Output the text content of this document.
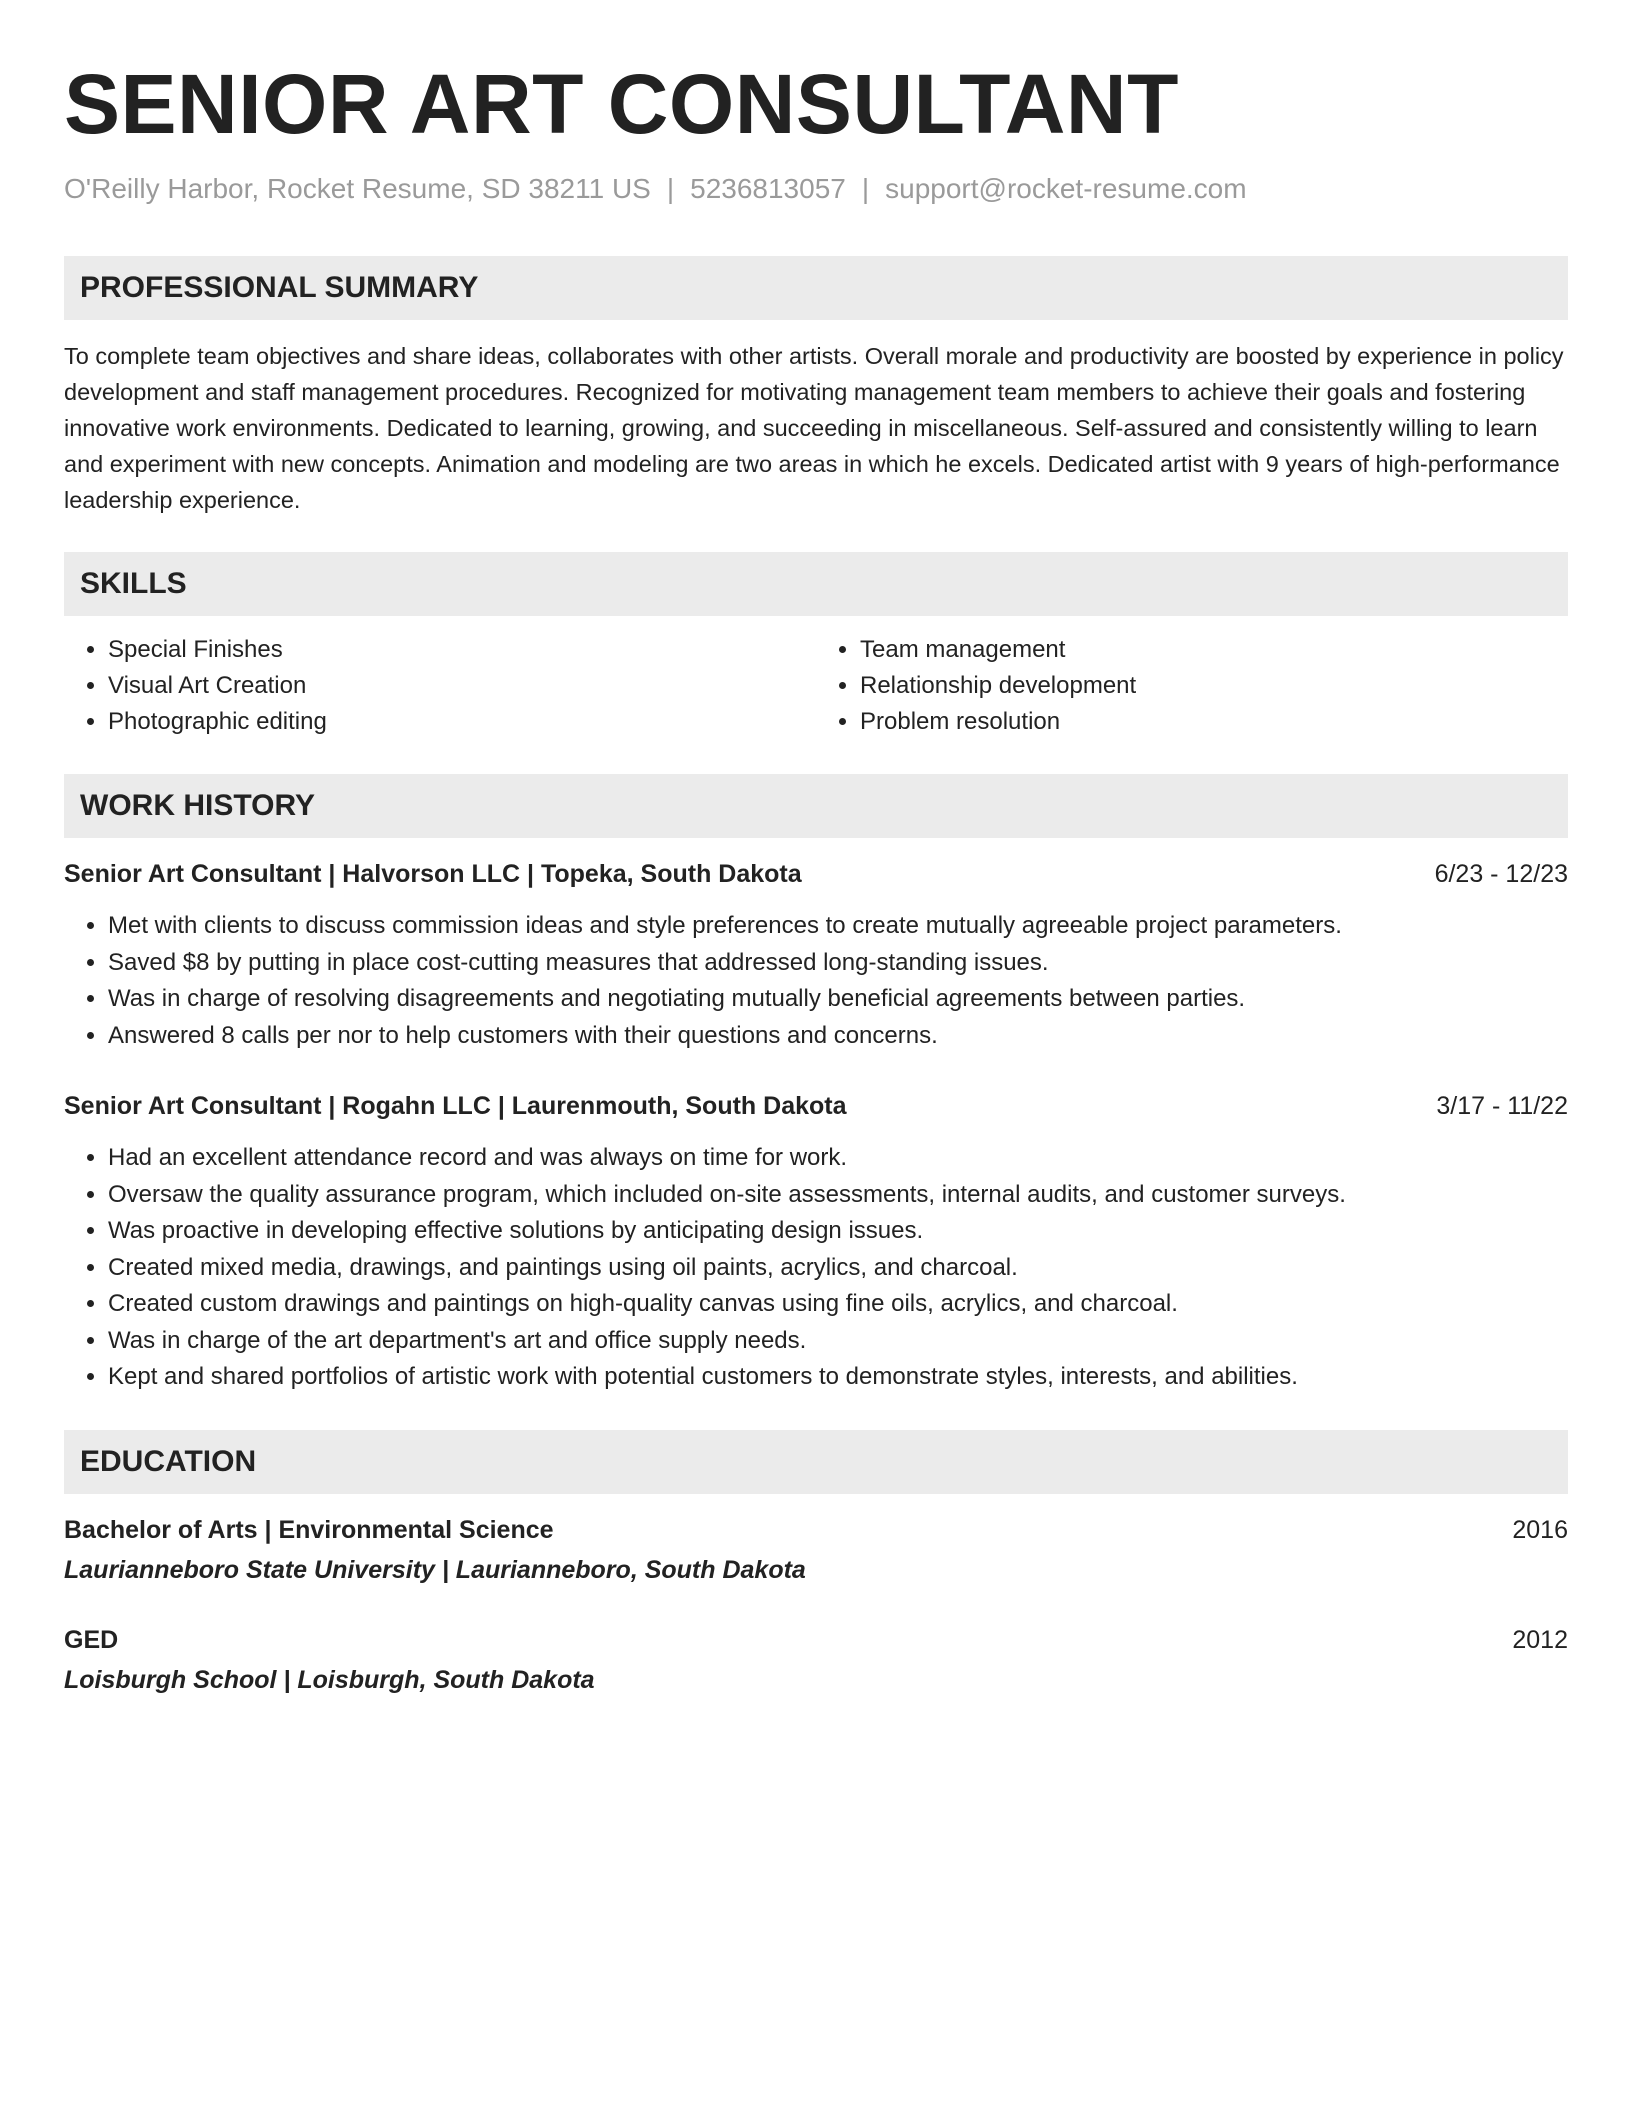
SENIOR ART CONSULTANT
O'Reilly Harbor, Rocket Resume, SD 38211 US | 5236813057 | support@rocket-resume.com
PROFESSIONAL SUMMARY

To complete team objectives and share ideas, collaborates with other artists. Overall morale and productivity are boosted by experience in policy development and staff management procedures. Recognized for motivating management team members to achieve their goals and fostering innovative work environments. Dedicated to learning, growing, and succeeding in miscellaneous. Self-assured and consistently willing to learn and experiment with new concepts. Animation and modeling are two areas in which he excels. Dedicated artist with 9 years of high-performance leadership experience.

SKILLS
• Special Finishes
• Visual Art Creation
• Photographic editing
• Team management
• Relationship development
• Problem resolution
WORK HISTORY
Senior Art Consultant | Halvorson LLC | Topeka, South Dakota	6/23 - 12/23
• Met with clients to discuss commission ideas and style preferences to create mutually agreeable project parameters.
• Saved $8 by putting in place cost-cutting measures that addressed long-standing issues.
• Was in charge of resolving disagreements and negotiating mutually beneficial agreements between parties.
• Answered 8 calls per nor to help customers with their questions and concerns.
Senior Art Consultant | Rogahn LLC | Laurenmouth, South Dakota	3/17 - 11/22
• Had an excellent attendance record and was always on time for work.
• Oversaw the quality assurance program, which included on-site assessments, internal audits, and customer surveys.
• Was proactive in developing effective solutions by anticipating design issues.
• Created mixed media, drawings, and paintings using oil paints, acrylics, and charcoal.
• Created custom drawings and paintings on high-quality canvas using fine oils, acrylics, and charcoal.
• Was in charge of the art department's art and office supply needs.
• Kept and shared portfolios of artistic work with potential customers to demonstrate styles, interests, and abilities.
EDUCATION
Bachelor of Arts | Environmental Science	2016
Laurianneboro State University | Laurianneboro, South Dakota
GED	2012
Loisburgh School | Loisburgh, South Dakota
